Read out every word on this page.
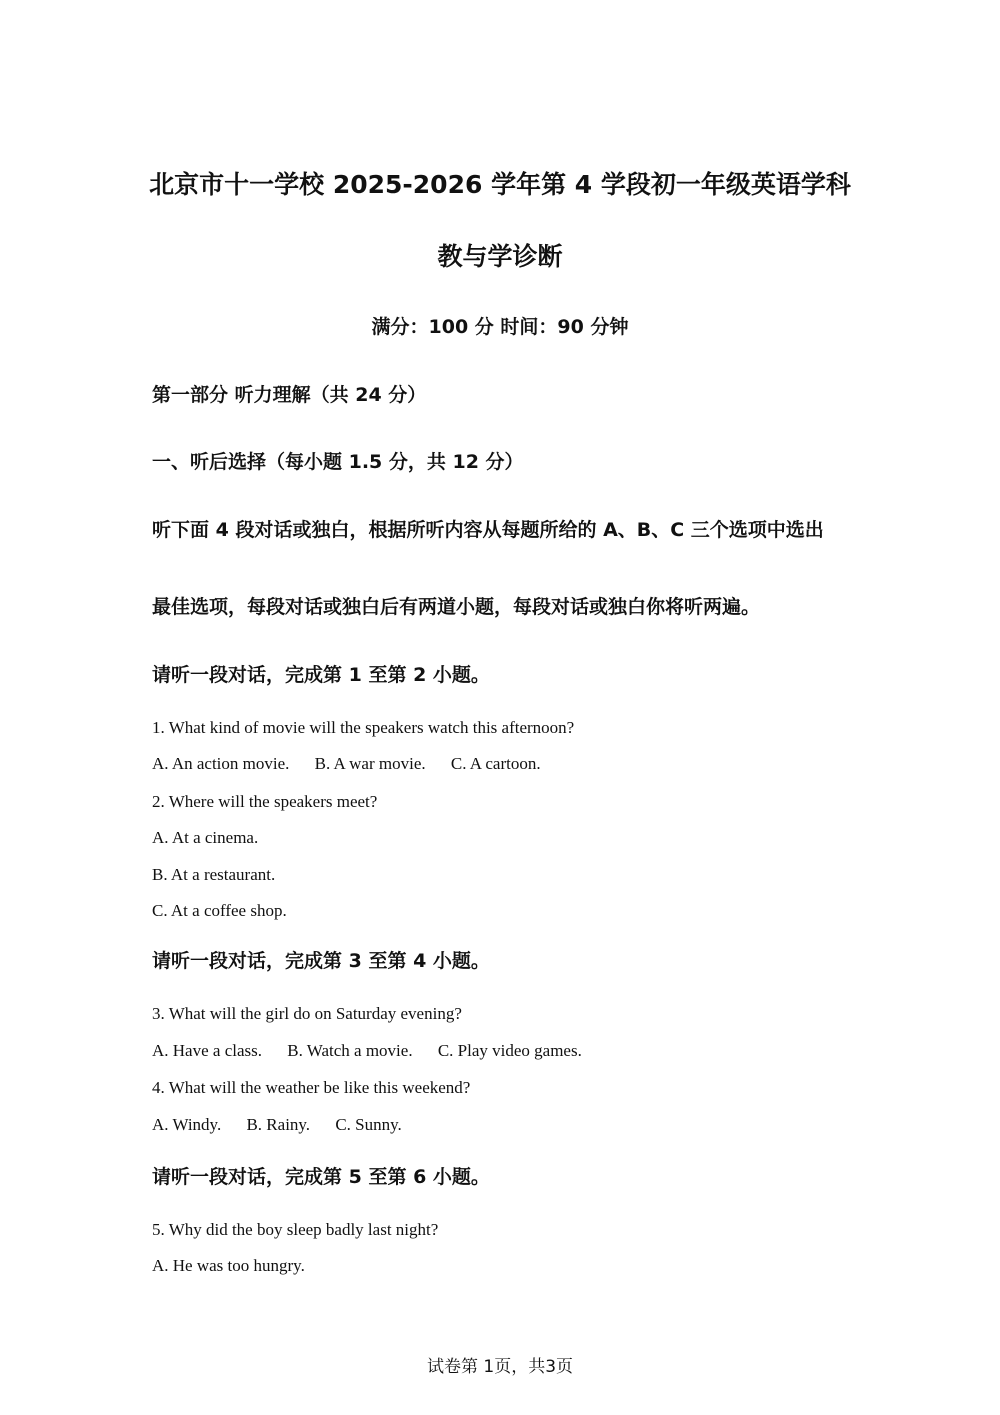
北京市十一学校 2025-2026 学年第 4 学段初一年级英语学科
教与学诊断
满分：100 分 时间：90 分钟
第一部分 听力理解（共 24 分）
一、听后选择（每小题 1.5 分，共 12 分）
听下面 4 段对话或独白，根据所听内容从每题所给的 A、B、C 三个选项中选出
最佳选项，每段对话或独白后有两道小题，每段对话或独白你将听两遍。
请听一段对话，完成第 1 至第 2 小题。
1. What kind of movie will the speakers watch this afternoon?
A. An action movie. B. A war movie. C. A cartoon.
2. Where will the speakers meet?
A. At a cinema.
B. At a restaurant.
C. At a coffee shop.
请听一段对话，完成第 3 至第 4 小题。
3. What will the girl do on Saturday evening?
A. Have a class. B. Watch a movie. C. Play video games.
4. What will the weather be like this weekend?
A. Windy. B. Rainy. C. Sunny.
请听一段对话，完成第 5 至第 6 小题。
5. Why did the boy sleep badly last night?
A. He was too hungry.
试卷第 1页，共3页
